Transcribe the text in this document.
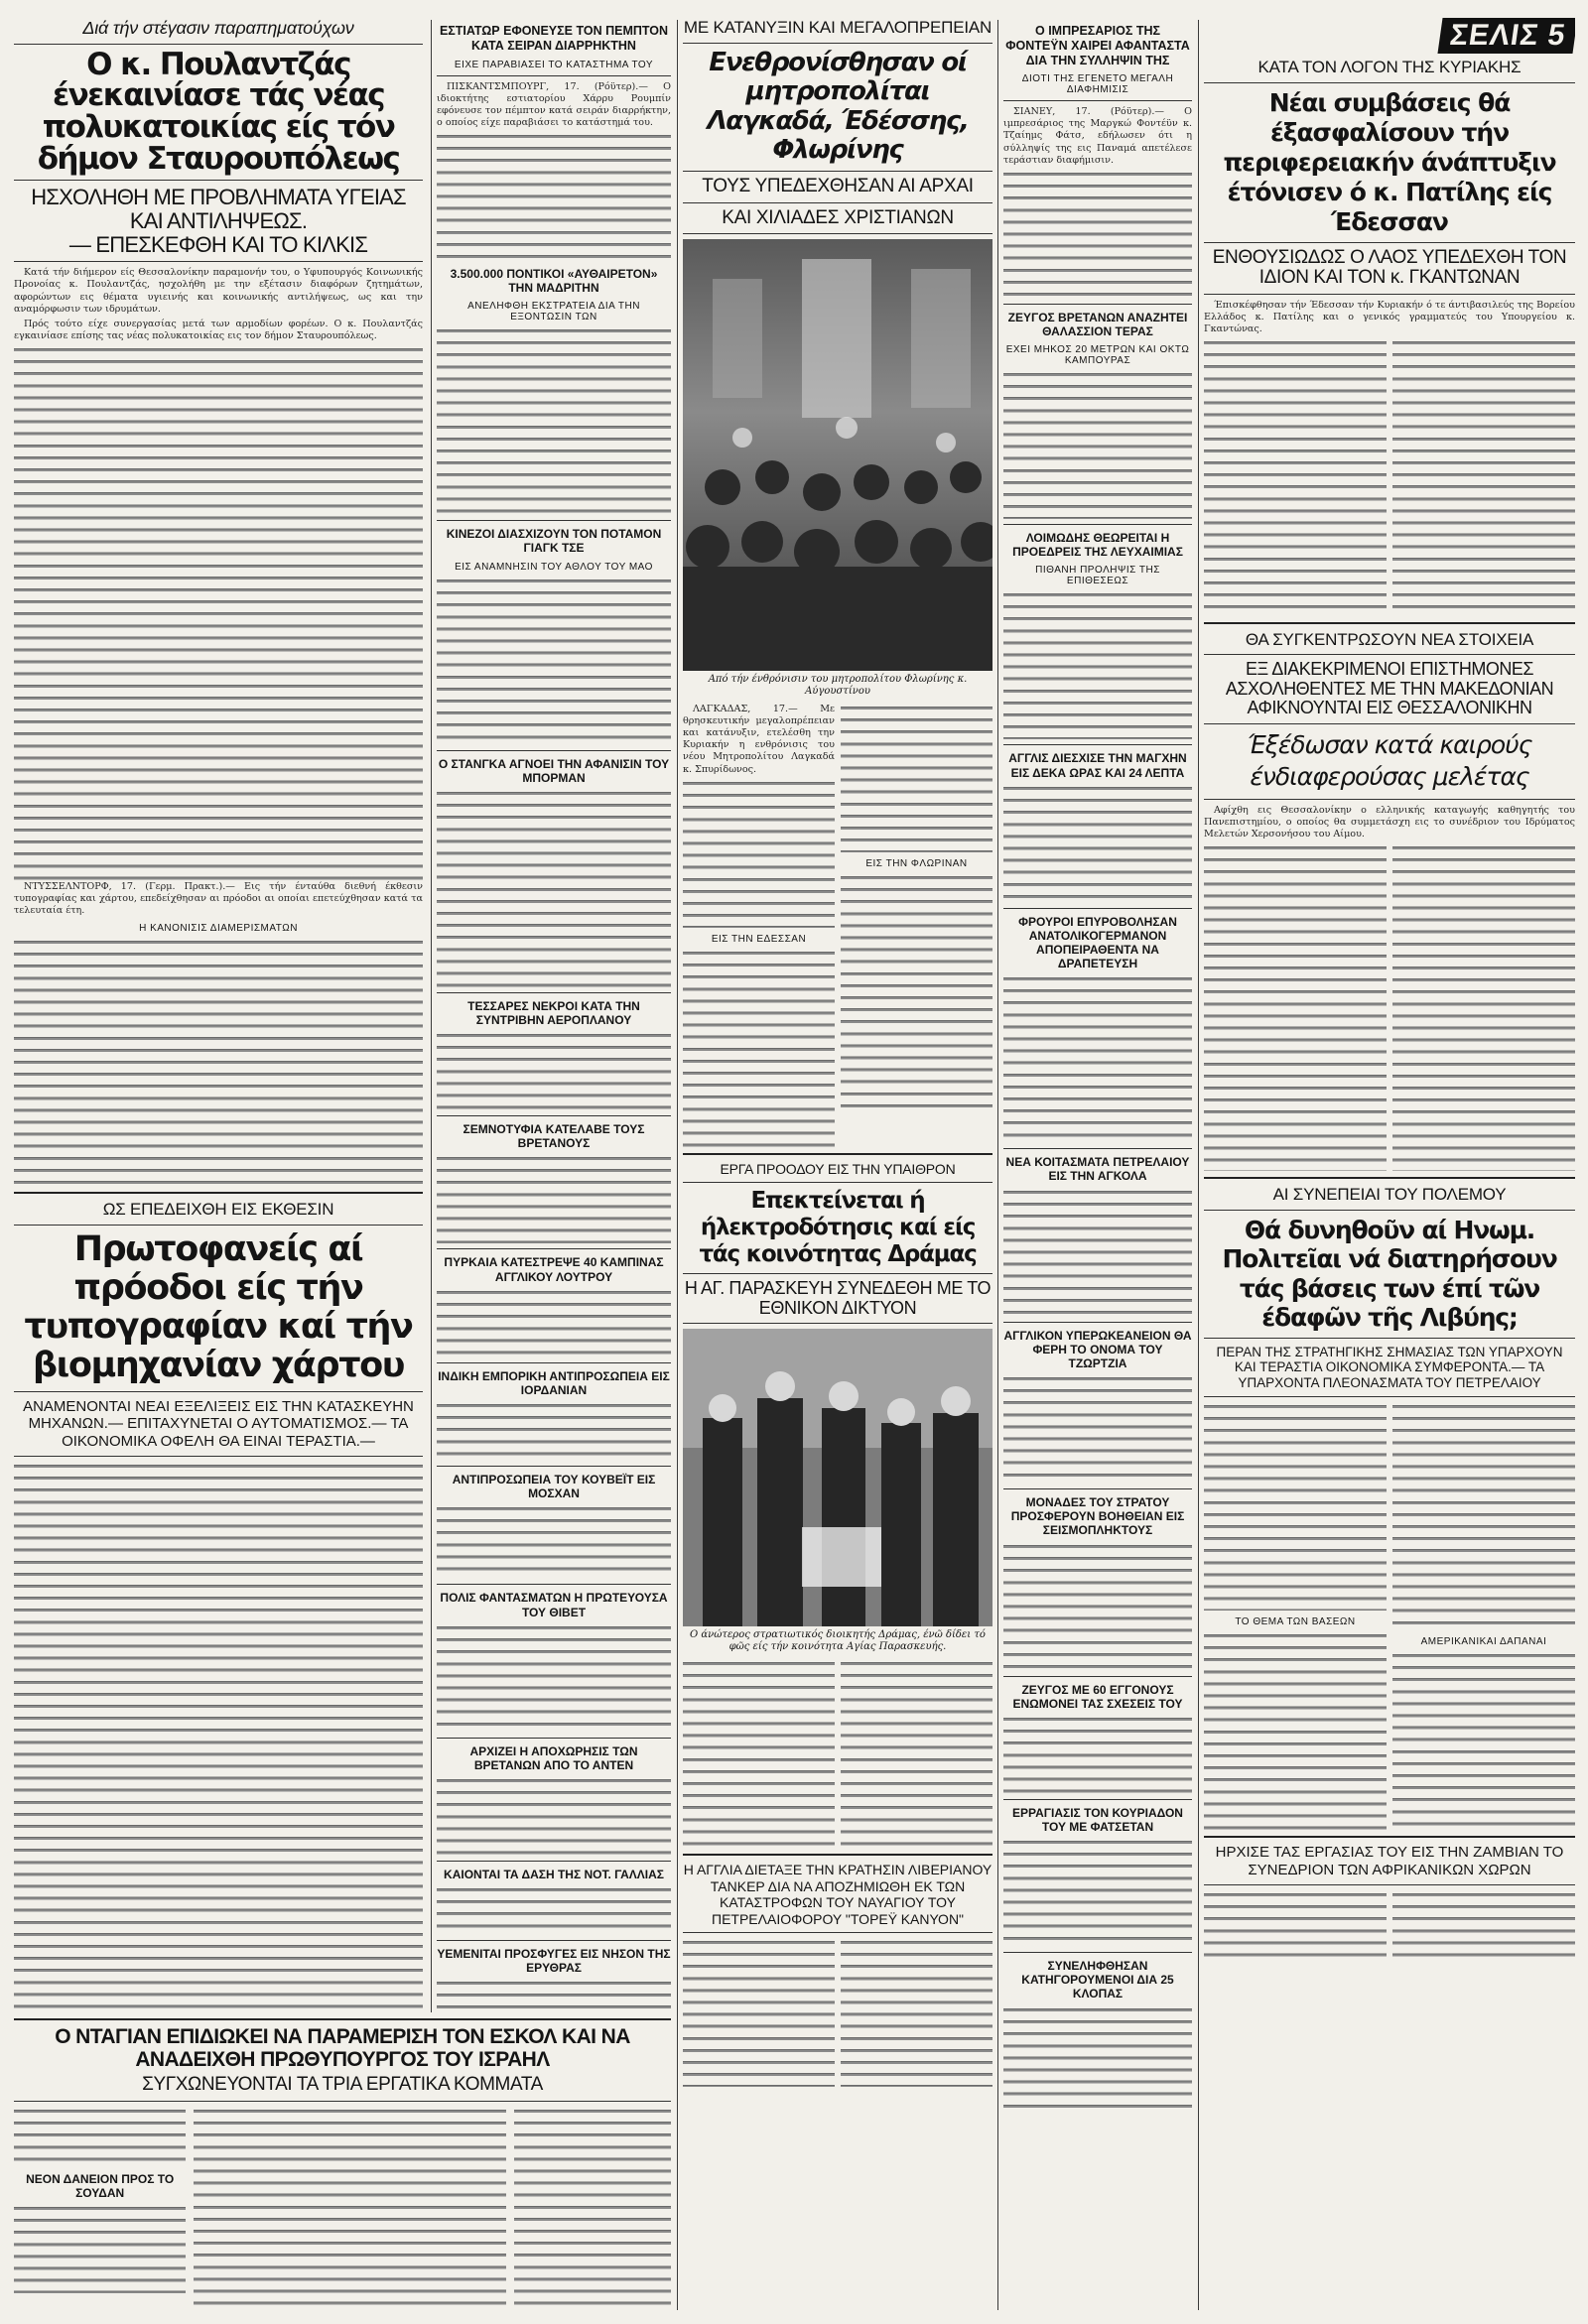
Διά τήν στέγασιν παραπηματούχων
Ο κ. Πουλαντζάς ένεκαινίασε τάς νέας πολυκατοικίας είς τόν δήμον Σταυρουπόλεως
ΗΣΧΟΛΗΘΗ ΜΕ ΠΡΟΒΛΗΜΑΤΑ ΥΓΕΙΑΣ ΚΑΙ ΑΝΤΙΛΗΨΕΩΣ.
— ΕΠΕΣΚΕΦΘΗ ΚΑΙ ΤΟ ΚΙΛΚΙΣ

Κατά τήν διήμερον είς Θεσσαλονίκην παραμονήν του, ο Υφυπουργός Κοινωνικής Προνοίας κ. Πουλαντζάς, ησχολήθη με την εξέτασιν διαφόρων ζητημάτων, αφορώντων εις θέματα υγιεινής και κοινωνικής αντιλήψεως, ως και την αναμόρφωσιν των ιδρυμάτων.

Πρός τούτο είχε συνεργασίας μετά των αρμοδίων φορέων. Ο κ. Πουλαντζάς εγκαινίασε επίσης τας νέας πολυκατοικίας εις τον δήμον Σταυρουπόλεως.

ΝΤΥΣΣΕΛΝΤΟΡΦ, 17. (Γερμ. Πρακτ.).— Εις τήν ένταύθα διεθνή έκθεσιν τυπογραφίας και χάρτου, επεδείχθησαν αι πρόοδοι αι οποίαι επετεύχθησαν κατά τα τελευταία έτη.

Η ΚΑΝΟΝΙΣΙΣ ΔΙΑΜΕΡΙΣΜΑΤΩΝ
ΩΣ ΕΠΕΔΕΙΧΘΗ ΕΙΣ ΕΚΘΕΣΙΝ
Πρωτοφανείς αί πρόοδοι είς τήν τυπογραφίαν καί τήν βιομηχανίαν χάρτου
ΑΝΑΜΕΝΟΝΤΑΙ ΝΕΑΙ ΕΞΕΛΙΞΕΙΣ ΕΙΣ ΤΗΝ ΚΑΤΑΣΚΕΥΗΝ ΜΗΧΑΝΩΝ.— ΕΠΙΤΑΧΥΝΕΤΑΙ Ο ΑΥΤΟΜΑΤΙΣΜΟΣ.— ΤΑ ΟΙΚΟΝΟΜΙΚΑ ΟΦΕΛΗ ΘΑ ΕΙΝΑΙ ΤΕΡΑΣΤΙΑ.—
ΕΣΤΙΑΤΩΡ ΕΦΟΝΕΥΣΕ ΤΟΝ ΠΕΜΠΤΟΝ ΚΑΤΑ ΣΕΙΡΑΝ ΔΙΑΡΡΗΚΤΗΝ
ΕΙΧΕ ΠΑΡΑΒΙΑΣΕΙ ΤΟ ΚΑΤΑΣΤΗΜΑ ΤΟΥ

ΠΙΣΚΑΝΤΣΜΠΟΥΡΓ, 17. (Ρόϋτερ).— Ο ιδιοκτήτης εστιατορίου Χάρρυ Ρουμπίν εφόνευσε τον πέμπτον κατά σειράν διαρρήκτην, ο οποίος είχε παραβιάσει το κατάστημά του.

3.500.000 ΠΟΝΤΙΚΟΙ «ΑΥΘΑΙΡΕΤΟΝ» ΤΗΝ ΜΑΔΡΙΤΗΝ
ΑΝΕΛΗΦΘΗ ΕΚΣΤΡΑΤΕΙΑ ΔΙΑ ΤΗΝ ΕΞΟΝΤΩΣΙΝ ΤΩΝ
ΚΙΝΕΖΟΙ ΔΙΑΣΧΙΖΟΥΝ ΤΟΝ ΠΟΤΑΜΟΝ ΓΙΑΓΚ ΤΣΕ
ΕΙΣ ΑΝΑΜΝΗΣΙΝ ΤΟΥ ΑΘΛΟΥ ΤΟΥ ΜΑΟ
Ο ΣΤΑΝΓΚΑ ΑΓΝΟΕΙ ΤΗΝ ΑΦΑΝΙΣΙΝ ΤΟΥ ΜΠΟΡΜΑΝ
ΤΕΣΣΑΡΕΣ ΝΕΚΡΟΙ ΚΑΤΑ ΤΗΝ ΣΥΝΤΡΙΒΗΝ ΑΕΡΟΠΛΑΝΟΥ
ΣΕΜΝΟΤΥΦΙΑ ΚΑΤΕΛΑΒΕ ΤΟΥΣ ΒΡΕΤΑΝΟΥΣ
ΠΥΡΚΑΙΑ ΚΑΤΕΣΤΡΕΨΕ 40 ΚΑΜΠΙΝΑΣ ΑΓΓΛΙΚΟΥ ΛΟΥΤΡΟΥ
ΙΝΔΙΚΗ ΕΜΠΟΡΙΚΗ ΑΝΤΙΠΡΟΣΩΠΕΙΑ ΕΙΣ ΙΟΡΔΑΝΙΑΝ
ΑΝΤΙΠΡΟΣΩΠΕΙΑ ΤΟΥ ΚΟΥΒΕΪΤ ΕΙΣ ΜΟΣΧΑΝ
ΠΟΛΙΣ ΦΑΝΤΑΣΜΑΤΩΝ Η ΠΡΩΤΕΥΟΥΣΑ ΤΟΥ ΘΙΒΕΤ
ΑΡΧΙΖΕΙ Η ΑΠΟΧΩΡΗΣΙΣ ΤΩΝ ΒΡΕΤΑΝΩΝ ΑΠΟ ΤΟ ΑΝΤΕΝ
ΚΑΙΟΝΤΑΙ ΤΑ ΔΑΣΗ ΤΗΣ ΝΟΤ. ΓΑΛΛΙΑΣ
ΥΕΜΕΝΙΤΑΙ ΠΡΟΣΦΥΓΕΣ ΕΙΣ ΝΗΣΟΝ ΤΗΣ ΕΡΥΘΡΑΣ
ΜΕ ΚΑΤΑΝΥΞΙΝ ΚΑΙ ΜΕΓΑΛΟΠΡΕΠΕΙΑΝ
Ενεθρονίσθησαν οί μητροπολίται Λαγκαδά, Έδέσσης, Φλωρίνης
ΤΟΥΣ ΥΠΕΔΕΧΘΗΣΑΝ ΑΙ ΑΡΧΑΙ
ΚΑΙ ΧΙΛΙΑΔΕΣ ΧΡΙΣΤΙΑΝΩΝ
Από τήν ένθρόνισιν του μητροπολίτου Φλωρίνης κ. Αύγουστίνου

ΛΑΓΚΑΔΑΣ, 17.— Με θρησκευτικήν μεγαλοπρέπειαν και κατάνυξιν, ετελέσθη την Κυριακήν η ενθρόνισις του νέου Μητροπολίτου Λαγκαδά κ. Σπυρίδωνος.

ΕΙΣ ΤΗΝ ΕΔΕΣΣΑΝ
ΕΙΣ ΤΗΝ ΦΛΩΡΙΝΑΝ
ΕΡΓΑ ΠΡΟΟΔΟΥ ΕΙΣ ΤΗΝ ΥΠΑΙΘΡΟΝ
Επεκτείνεται ή ήλεκτροδότησις καί είς τάς κοινότητας Δράμας
Η ΑΓ. ΠΑΡΑΣΚΕΥΗ ΣΥΝΕΔΕΘΗ ΜΕ ΤΟ ΕΘΝΙΚΟΝ ΔΙΚΤΥΟΝ
Ο άνώτερος στρατιωτικός διοικητής Δράμας, ένῶ δίδει τό φῶς είς τήν κοινότητα Αγίας Παρασκευής.
Η ΑΓΓΛΙΑ ΔΙΕΤΑΞΕ ΤΗΝ ΚΡΑΤΗΣΙΝ ΛΙΒΕΡΙΑΝΟΥ ΤΑΝΚΕΡ ΔΙΑ ΝΑ ΑΠΟΖΗΜΙΩΘΗ ΕΚ ΤΩΝ ΚΑΤΑΣΤΡΟΦΩΝ ΤΟΥ ΝΑΥΑΓΙΟΥ ΤΟΥ ΠΕΤΡΕΛΑΙΟΦΟΡΟΥ "ΤΟΡΕΫ ΚΑΝΥΟΝ"
Ο ΙΜΠΡΕΣΑΡΙΟΣ ΤΗΣ ΦΟΝΤΕΫΝ ΧΑΙΡΕΙ ΑΦΑΝΤΑΣΤΑ ΔΙΑ ΤΗΝ ΣΥΛΛΗΨΙΝ ΤΗΣ
ΔΙΟΤΙ ΤΗΣ ΕΓΕΝΕΤΟ ΜΕΓΑΛΗ ΔΙΑΦΗΜΙΣΙΣ

ΣΙΑΝΕΥ, 17. (Ρόϋτερ).— Ο ιμπρεσάριος της Μαργκώ Φοντέϋν κ. Τζαίημς Φάτσ, εδήλωσεν ότι η σύλληψίς της εις Παναμά απετέλεσε τεράστιαν διαφήμισιν.

ΖΕΥΓΟΣ ΒΡΕΤΑΝΩΝ ΑΝΑΖΗΤΕΙ ΘΑΛΑΣΣΙΟΝ ΤΕΡΑΣ
ΕΧΕΙ ΜΗΚΟΣ 20 ΜΕΤΡΩΝ ΚΑΙ ΟΚΤΩ ΚΑΜΠΟΥΡΑΣ
ΛΟΙΜΩΔΗΣ ΘΕΩΡΕΙΤΑΙ Η ΠΡΟΕΔΡΕΙΣ ΤΗΣ ΛΕΥΧΑΙΜΙΑΣ
ΠΙΘΑΝΗ ΠΡΟΛΗΨΙΣ ΤΗΣ ΕΠΙΘΕΣΕΩΣ
ΑΓΓΛΙΣ ΔΙΕΣΧΙΣΕ ΤΗΝ ΜΑΓΧΗΝ ΕΙΣ ΔΕΚΑ ΩΡΑΣ ΚΑΙ 24 ΛΕΠΤΑ
ΦΡΟΥΡΟΙ ΕΠΥΡΟΒΟΛΗΣΑΝ ΑΝΑΤΟΛΙΚΟΓΕΡΜΑΝΟΝ ΑΠΟΠΕΙΡΑΘΕΝΤΑ ΝΑ ΔΡΑΠΕΤΕΥΣΗ
ΝΕΑ ΚΟΙΤΑΣΜΑΤΑ ΠΕΤΡΕΛΑΙΟΥ ΕΙΣ ΤΗΝ ΑΓΚΟΛΑ
ΑΓΓΛΙΚΟΝ ΥΠΕΡΩΚΕΑΝΕΙΟΝ ΘΑ ΦΕΡΗ ΤΟ ΟΝΟΜΑ ΤΟΥ ΤΖΩΡΤΖΙΑ
ΜΟΝΑΔΕΣ ΤΟΥ ΣΤΡΑΤΟΥ ΠΡΟΣΦΕΡΟΥΝ ΒΟΗΘΕΙΑΝ ΕΙΣ ΣΕΙΣΜΟΠΛΗΚΤΟΥΣ
ΖΕΥΓΟΣ ΜΕ 60 ΕΓΓΟΝΟΥΣ ΕΝΩΜΟΝΕΙ ΤΑΣ ΣΧΕΣΕΙΣ ΤΟΥ
ΕΡΡΑΓΙΑΣΙΣ ΤΟΝ ΚΟΥΡΙΑΔΟΝ ΤΟΥ ΜΕ ΦΑΤΣΕΤΑΝ
ΣΥΝΕΛΗΦΘΗΣΑΝ ΚΑΤΗΓΟΡΟΥΜΕΝΟΙ ΔΙΑ 25 ΚΛΟΠΑΣ
ΣΕΛΙΣ 5
ΚΑΤΑ ΤΟΝ ΛΟΓΟΝ ΤΗΣ ΚΥΡΙΑΚΗΣ
Νέαι συμβάσεις θά έξασφαλίσουν τήν περιφερειακήν άνάπτυξιν έτόνισεν ό κ. Πατίλης είς Έδεσσαν
ΕΝΘΟΥΣΙΩΔΩΣ Ο ΛΑΟΣ ΥΠΕΔΕΧΘΗ ΤΟΝ ΙΔΙΟΝ ΚΑΙ ΤΟΝ κ. ΓΚΑΝΤΩΝΑΝ

Έπισκέφθησαν τήν Έδεσσαν τήν Κυριακήν ό τε άντιβασιλεύς της Βορείου Ελλάδος κ. Πατίλης και ο γενικός γραμματεύς του Υπουργείου κ. Γκαντώνας.

ΘΑ ΣΥΓΚΕΝΤΡΩΣΟΥΝ ΝΕΑ ΣΤΟΙΧΕΙΑ
ΕΞ ΔΙΑΚΕΚΡΙΜΕΝΟΙ ΕΠΙΣΤΗΜΟΝΕΣ ΑΣΧΟΛΗΘΕΝΤΕΣ ΜΕ ΤΗΝ ΜΑΚΕΔΟΝΙΑΝ ΑΦΙΚΝΟΥΝΤΑΙ ΕΙΣ ΘΕΣΣΑΛΟΝΙΚΗΝ
Έξέδωσαν κατά καιρούς ένδιαφερούσας μελέτας

Αφίχθη εις Θεσσαλονίκην ο ελληνικής καταγωγής καθηγητής του Πανεπιστημίου, ο οποίος θα συμμετάσχη εις το συνέδριον του Ιδρύματος Μελετών Χερσονήσου του Αίμου.

ΑΙ ΣΥΝΕΠΕΙΑΙ ΤΟΥ ΠΟΛΕΜΟΥ
Θά δυνηθοῦν αί Ηνωμ. Πολιτεῖαι νά διατηρήσουν τάς βάσεις των έπί τῶν έδαφῶν τῆς Λιβύης;
ΠΕΡΑΝ ΤΗΣ ΣΤΡΑΤΗΓΙΚΗΣ ΣΗΜΑΣΙΑΣ ΤΩΝ ΥΠΑΡΧΟΥΝ ΚΑΙ ΤΕΡΑΣΤΙΑ ΟΙΚΟΝΟΜΙΚΑ ΣΥΜΦΕΡΟΝΤΑ.— ΤΑ ΥΠΑΡΧΟΝΤΑ ΠΛΕΟΝΑΣΜΑΤΑ ΤΟΥ ΠΕΤΡΕΛΑΙΟΥ
ΤΟ ΘΕΜΑ ΤΩΝ ΒΑΣΕΩΝ
ΑΜΕΡΙΚΑΝΙΚΑΙ ΔΑΠΑΝΑΙ
ΗΡΧΙΣΕ ΤΑΣ ΕΡΓΑΣΙΑΣ ΤΟΥ ΕΙΣ ΤΗΝ ΖΑΜΒΙΑΝ ΤΟ ΣΥΝΕΔΡΙΟΝ ΤΩΝ ΑΦΡΙΚΑΝΙΚΩΝ ΧΩΡΩΝ
Ο ΝΤΑΓΙΑΝ ΕΠΙΔΙΩΚΕΙ ΝΑ ΠΑΡΑΜΕΡΙΣΗ ΤΟΝ ΕΣΚΟΛ ΚΑΙ ΝΑ ΑΝΑΔΕΙΧΘΗ ΠΡΩΘΥΠΟΥΡΓΟΣ ΤΟΥ ΙΣΡΑΗΛ
ΣΥΓΧΩΝΕΥΟΝΤΑΙ ΤΑ ΤΡΙΑ ΕΡΓΑΤΙΚΑ ΚΟΜΜΑΤΑ
ΝΕΟΝ ΔΑΝΕΙΟΝ ΠΡΟΣ ΤΟ ΣΟΥΔΑΝ
